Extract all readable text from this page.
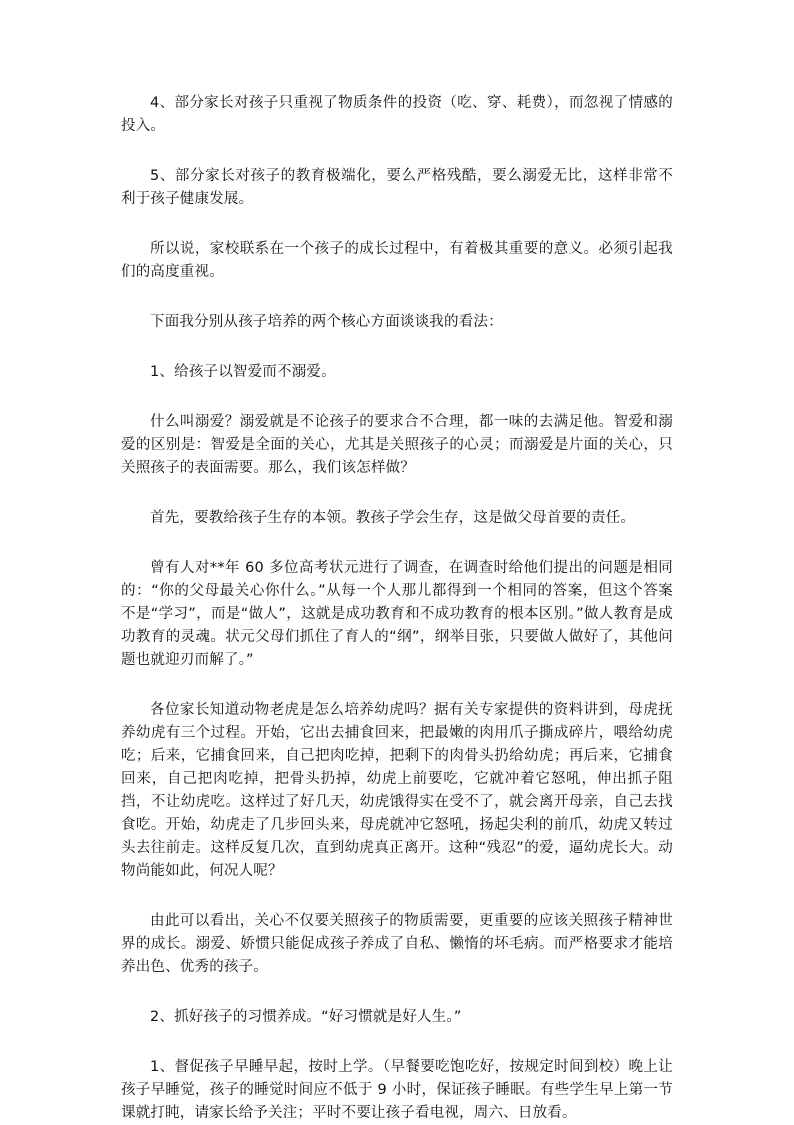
4、部分家长对孩子只重视了物质条件的投资（吃、穿、耗费），而忽视了情感的投入。

5、部分家长对孩子的教育极端化，要么严格残酷，要么溺爱无比，这样非常不利于孩子健康发展。

所以说，家校联系在一个孩子的成长过程中，有着极其重要的意义。必须引起我们的高度重视。

下面我分别从孩子培养的两个核心方面谈谈我的看法：

1、给孩子以智爱而不溺爱。

什么叫溺爱？溺爱就是不论孩子的要求合不合理，都一味的去满足他。智爱和溺爱的区别是：智爱是全面的关心，尤其是关照孩子的心灵；而溺爱是片面的关心，只关照孩子的表面需要。那么，我们该怎样做？

首先，要教给孩子生存的本领。教孩子学会生存，这是做父母首要的责任。

曾有人对**年 60 多位高考状元进行了调查，在调查时给他们提出的问题是相同的：“你的父母最关心你什么。”从每一个人那儿都得到一个相同的答案，但这个答案不是“学习”，而是“做人”，这就是成功教育和不成功教育的根本区别。”做人教育是成功教育的灵魂。状元父母们抓住了育人的“纲”，纲举目张，只要做人做好了，其他问题也就迎刃而解了。”

各位家长知道动物老虎是怎么培养幼虎吗？据有关专家提供的资料讲到，母虎抚养幼虎有三个过程。开始，它出去捕食回来，把最嫩的肉用爪子撕成碎片，喂给幼虎吃；后来，它捕食回来，自己把肉吃掉，把剩下的肉骨头扔给幼虎；再后来，它捕食回来，自己把肉吃掉，把骨头扔掉，幼虎上前要吃，它就冲着它怒吼，伸出抓子阻挡，不让幼虎吃。这样过了好几天，幼虎饿得实在受不了，就会离开母亲，自己去找食吃。开始，幼虎走了几步回头来，母虎就冲它怒吼，扬起尖利的前爪，幼虎又转过头去往前走。这样反复几次，直到幼虎真正离开。这种“残忍”的爱，逼幼虎长大。动物尚能如此，何况人呢？

由此可以看出，关心不仅要关照孩子的物质需要，更重要的应该关照孩子精神世界的成长。溺爱、娇惯只能促成孩子养成了自私、懒惰的坏毛病。而严格要求才能培养出色、优秀的孩子。

2、抓好孩子的习惯养成。“好习惯就是好人生。”

1、督促孩子早睡早起，按时上学。（早餐要吃饱吃好，按规定时间到校）晚上让孩子早睡觉，孩子的睡觉时间应不低于 9 小时，保证孩子睡眠。有些学生早上第一节课就打盹，请家长给予关注；平时不要让孩子看电视，周六、日放看。
